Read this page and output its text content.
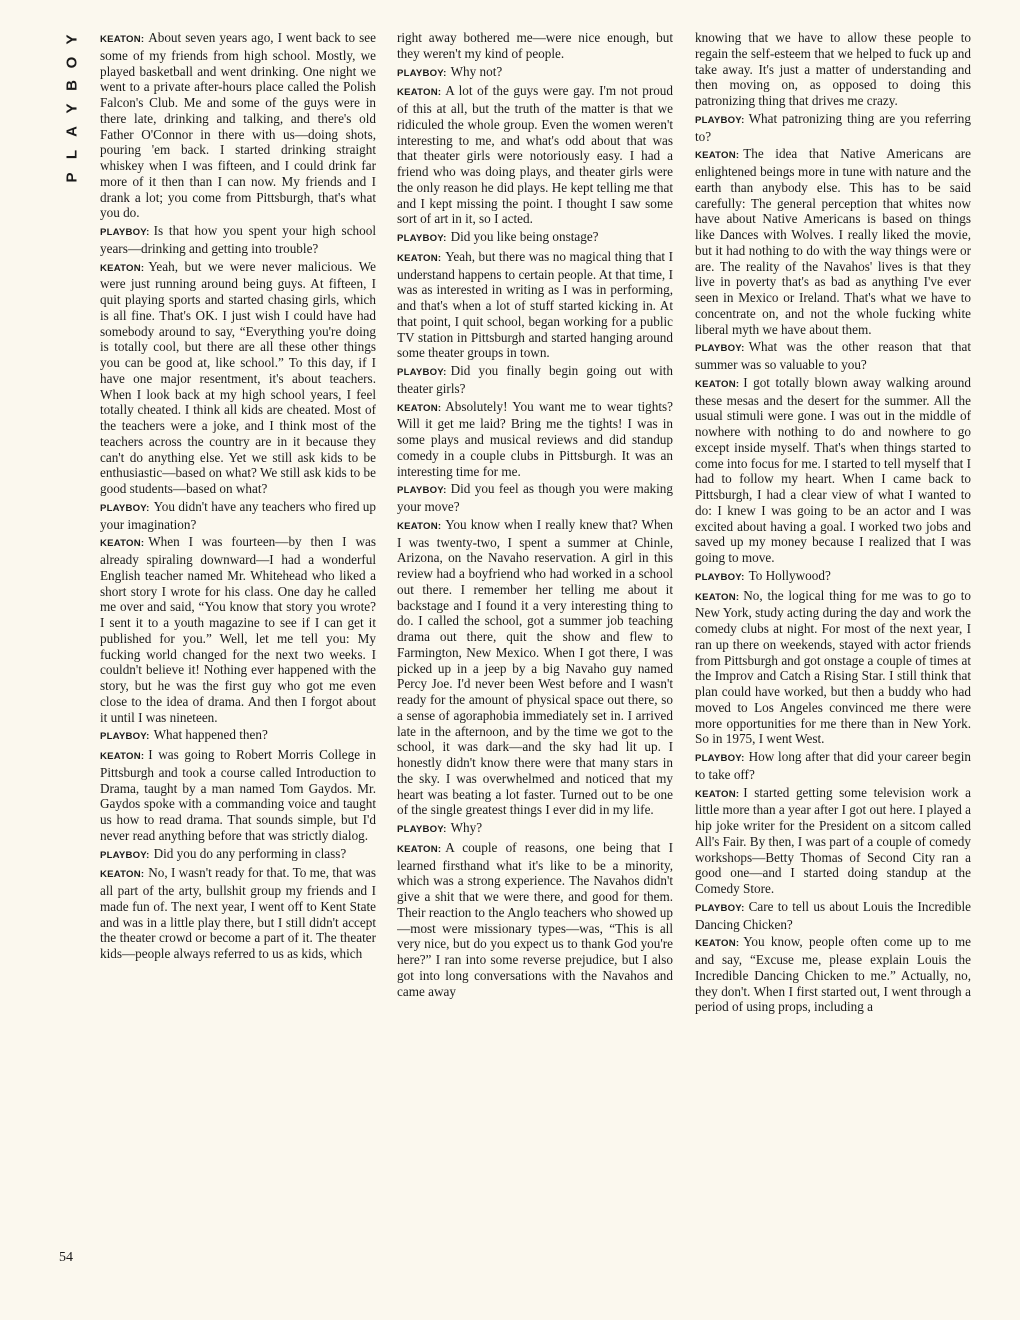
Y
O
B
Y
A
L
P
54

KEATON: About seven years ago, I went back to see some of my friends from high school. Mostly, we played basketball and went drinking. One night we went to a private after-hours place called the Polish Falcon's Club. Me and some of the guys were in there late, drinking and talking, and there's old Father O'Connor in there with us—doing shots, pouring 'em back. I started drinking straight whiskey when I was fifteen, and I could drink far more of it then than I can now. My friends and I drank a lot; you come from Pittsburgh, that's what you do.

PLAYBOY: Is that how you spent your high school years—drinking and getting into trouble?

KEATON: Yeah, but we were never malicious. We were just running around being guys. At fifteen, I quit playing sports and started chasing girls, which is all fine. That's OK. I just wish I could have had somebody around to say, “Everything you're doing is totally cool, but there are all these other things you can be good at, like school.” To this day, if I have one major resentment, it's about teachers. When I look back at my high school years, I feel totally cheated. I think all kids are cheated. Most of the teachers were a joke, and I think most of the teachers across the country are in it because they can't do anything else. Yet we still ask kids to be enthusiastic—based on what? We still ask kids to be good students—based on what?

PLAYBOY: You didn't have any teachers who fired up your imagination?

KEATON: When I was fourteen—by then I was already spiraling downward—I had a wonderful English teacher named Mr. Whitehead who liked a short story I wrote for his class. One day he called me over and said, “You know that story you wrote? I sent it to a youth magazine to see if I can get it published for you.” Well, let me tell you: My fucking world changed for the next two weeks. I couldn't believe it! Nothing ever happened with the story, but he was the first guy who got me even close to the idea of drama. And then I forgot about it until I was nineteen.

PLAYBOY: What happened then?

KEATON: I was going to Robert Morris College in Pittsburgh and took a course called Introduction to Drama, taught by a man named Tom Gaydos. Mr. Gaydos spoke with a commanding voice and taught us how to read drama. That sounds simple, but I'd never read anything before that was strictly dialog.

PLAYBOY: Did you do any performing in class?

KEATON: No, I wasn't ready for that. To me, that was all part of the arty, bullshit group my friends and I made fun of. The next year, I went off to Kent State and was in a little play there, but I still didn't accept the theater crowd or become a part of it. The theater kids—people always referred to us as kids, which

right away bothered me—were nice enough, but they weren't my kind of people.

PLAYBOY: Why not?

KEATON: A lot of the guys were gay. I'm not proud of this at all, but the truth of the matter is that we ridiculed the whole group. Even the women weren't interesting to me, and what's odd about that was that theater girls were notoriously easy. I had a friend who was doing plays, and theater girls were the only reason he did plays. He kept telling me that and I kept missing the point. I thought I saw some sort of art in it, so I acted.

PLAYBOY: Did you like being onstage?

KEATON: Yeah, but there was no magical thing that I understand happens to certain people. At that time, I was as interested in writing as I was in performing, and that's when a lot of stuff started kicking in. At that point, I quit school, began working for a public TV station in Pittsburgh and started hanging around some theater groups in town.

PLAYBOY: Did you finally begin going out with theater girls?

KEATON: Absolutely! You want me to wear tights? Will it get me laid? Bring me the tights! I was in some plays and musical reviews and did standup comedy in a couple clubs in Pittsburgh. It was an interesting time for me.

PLAYBOY: Did you feel as though you were making your move?

KEATON: You know when I really knew that? When I was twenty-two, I spent a summer at Chinle, Arizona, on the Navaho reservation. A girl in this review had a boyfriend who had worked in a school out there. I remember her telling me about it backstage and I found it a very interesting thing to do. I called the school, got a summer job teaching drama out there, quit the show and flew to Farmington, New Mexico. When I got there, I was picked up in a jeep by a big Navaho guy named Percy Joe. I'd never been West before and I wasn't ready for the amount of physical space out there, so a sense of agoraphobia immediately set in. I arrived late in the afternoon, and by the time we got to the school, it was dark—and the sky had lit up. I honestly didn't know there were that many stars in the sky. I was overwhelmed and noticed that my heart was beating a lot faster. Turned out to be one of the single greatest things I ever did in my life.

PLAYBOY: Why?

KEATON: A couple of reasons, one being that I learned firsthand what it's like to be a minority, which was a strong experience. The Navahos didn't give a shit that we were there, and good for them. Their reaction to the Anglo teachers who showed up—most were missionary types—was, “This is all very nice, but do you expect us to thank God you're here?” I ran into some reverse prejudice, but I also got into long conversations with the Navahos and came away

knowing that we have to allow these people to regain the self-esteem that we helped to fuck up and take away. It's just a matter of understanding and then moving on, as opposed to doing this patronizing thing that drives me crazy.

PLAYBOY: What patronizing thing are you referring to?

KEATON: The idea that Native Americans are enlightened beings more in tune with nature and the earth than anybody else. This has to be said carefully: The general perception that whites now have about Native Americans is based on things like Dances with Wolves. I really liked the movie, but it had nothing to do with the way things were or are. The reality of the Navahos' lives is that they live in poverty that's as bad as anything I've ever seen in Mexico or Ireland. That's what we have to concentrate on, and not the whole fucking white liberal myth we have about them.

PLAYBOY: What was the other reason that that summer was so valuable to you?

KEATON: I got totally blown away walking around these mesas and the desert for the summer. All the usual stimuli were gone. I was out in the middle of nowhere with nothing to do and nowhere to go except inside myself. That's when things started to come into focus for me. I started to tell myself that I had to follow my heart. When I came back to Pittsburgh, I had a clear view of what I wanted to do: I knew I was going to be an actor and I was excited about having a goal. I worked two jobs and saved up my money because I realized that I was going to move.

PLAYBOY: To Hollywood?

KEATON: No, the logical thing for me was to go to New York, study acting during the day and work the comedy clubs at night. For most of the next year, I ran up there on weekends, stayed with actor friends from Pittsburgh and got onstage a couple of times at the Improv and Catch a Rising Star. I still think that plan could have worked, but then a buddy who had moved to Los Angeles convinced me there were more opportunities for me there than in New York. So in 1975, I went West.

PLAYBOY: How long after that did your career begin to take off?

KEATON: I started getting some television work a little more than a year after I got out here. I played a hip joke writer for the President on a sitcom called All's Fair. By then, I was part of a couple of comedy workshops—Betty Thomas of Second City ran a good one—and I started doing standup at the Comedy Store.

PLAYBOY: Care to tell us about Louis the Incredible Dancing Chicken?

KEATON: You know, people often come up to me and say, “Excuse me, please explain Louis the Incredible Dancing Chicken to me.” Actually, no, they don't. When I first started out, I went through a period of using props, including a
